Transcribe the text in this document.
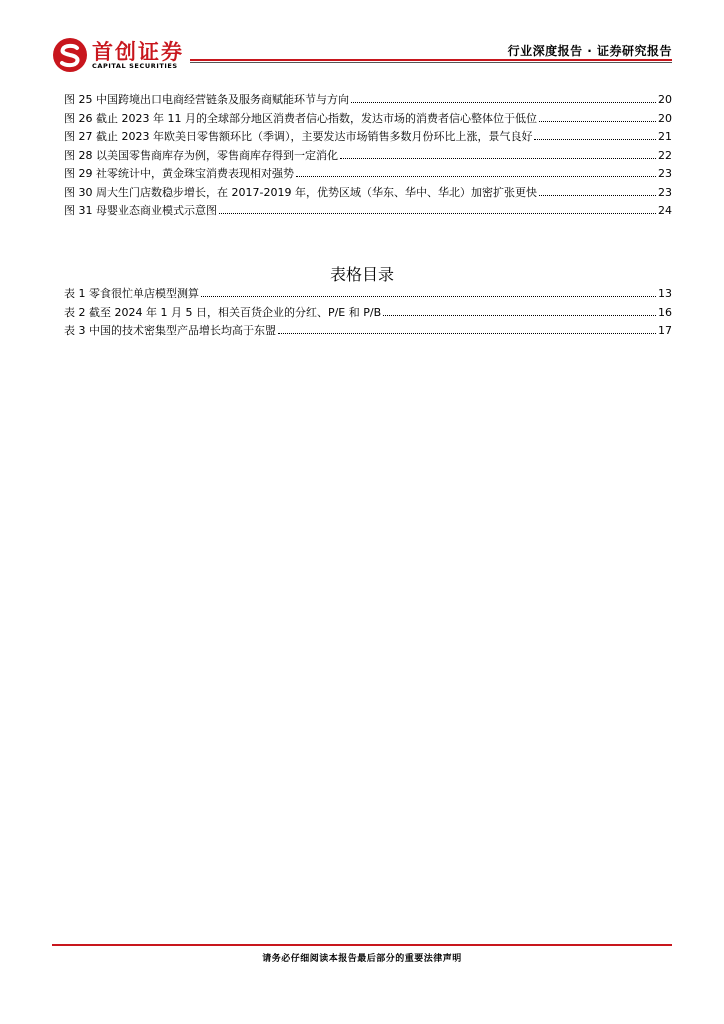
首创证券
CAPITAL SECURITIES
行业深度报告 · 证券研究报告
图 25 中国跨境出口电商经营链条及服务商赋能环节与方向	20
图 26 截止 2023 年 11 月的全球部分地区消费者信心指数，发达市场的消费者信心整体位于低位	20
图 27 截止 2023 年欧美日零售额环比（季调），主要发达市场销售多数月份环比上涨，景气良好	21
图 28 以美国零售商库存为例，零售商库存得到一定消化	22
图 29 社零统计中，黄金珠宝消费表现相对强势	23
图 30 周大生门店数稳步增长，在 2017-2019 年，优势区域（华东、华中、华北）加密扩张更快	23
图 31 母婴业态商业模式示意图	24
表格目录
表 1 零食很忙单店模型测算	13
表 2 截至 2024 年 1 月 5 日，相关百货企业的分红、P/E 和 P/B	16
表 3 中国的技术密集型产品增长均高于东盟	17
请务必仔细阅读本报告最后部分的重要法律声明
